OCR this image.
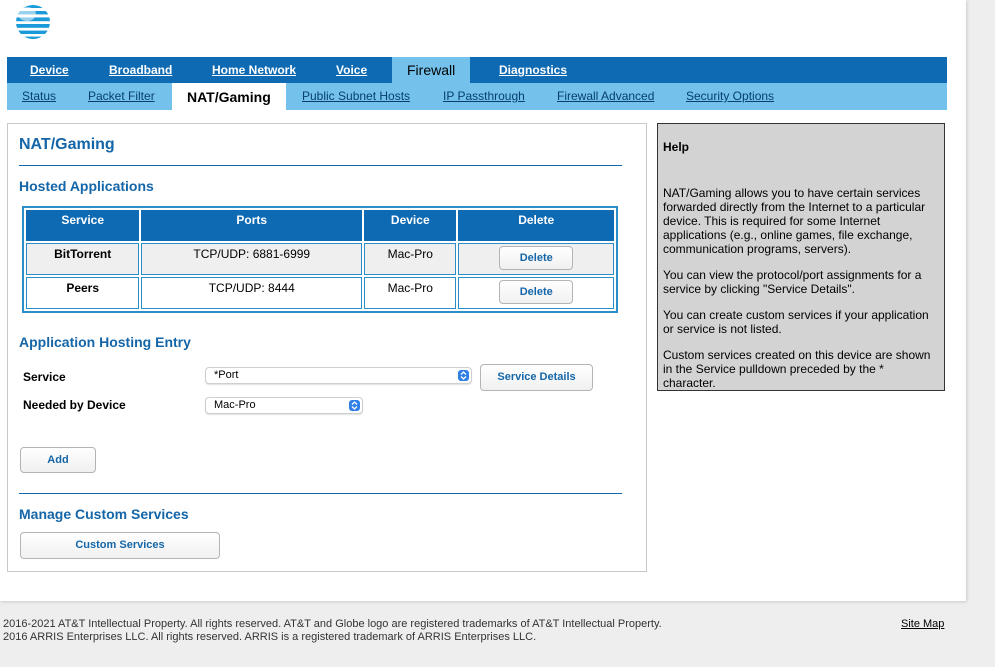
Device	Broadband	Home Network	Voice	Firewall	Diagnostics
Status	Packet Filter	NAT/Gaming	Public Subnet Hosts	IP Passthrough	Firewall Advanced	Security Options
NAT/Gaming
Hosted Applications
Service	Ports	Device	Delete
BitTorrent	TCP/UDP: 6881-6999	Mac-Pro	Delete
Peers	TCP/UDP: 8444	Mac-Pro	Delete
Application Hosting Entry
Service	*Port	Service Details
Needed by Device	Mac-Pro
Add
Manage Custom Services
Custom Services
Help
NAT/Gaming allows you to have certain services forwarded directly from the Internet to a particular device. This is required for some Internet applications (e.g., online games, file exchange, communication programs, servers).
You can view the protocol/port assignments for a service by clicking "Service Details".
You can create custom services if your application or service is not listed.
Custom services created on this device are shown in the Service pulldown preceded by the * character.
2016-2021 AT&T Intellectual Property. All rights reserved. AT&T and Globe logo are registered trademarks of AT&T Intellectual Property.
2016 ARRIS Enterprises LLC. All rights reserved. ARRIS is a registered trademark of ARRIS Enterprises LLC.
Site Map
